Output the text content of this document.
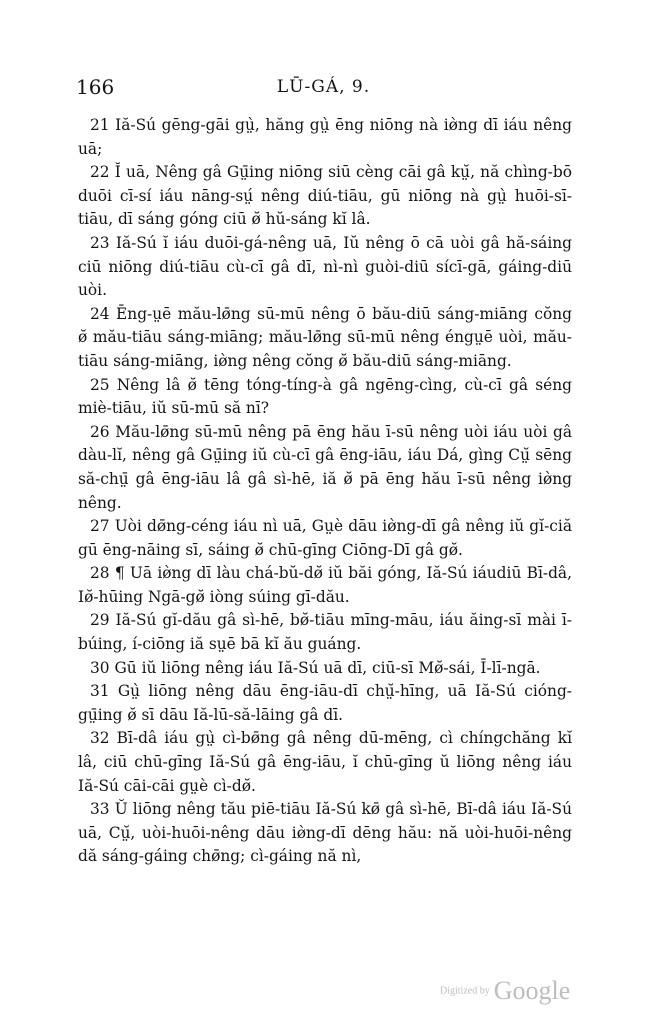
166	LŪ-GÁ, 9.

21 Iă-Sú gēng-gāi gṳ̀, hăng gṳ̀ ēng niōng nà iø̀ng dī iáu nêng uā;

22 Ĭ uā, Nêng gâ Gṳ̄ing niōng siū cèng cāi gâ kṳ̆, nă chìng-bō duōi cī-sí iáu nāng-sṳ́ nêng diú-tiāu, gū niōng nà gṳ̀ huōi-sī-tiāu, dī sáng góng ciū ø̆ hŭ-sáng kĭ lâ.

23 Iă-Sú ĭ iáu duōi-gá-nêng uā, Iŭ nêng ō cā uòi gâ hă-sáing ciū niōng diú-tiāu cù-cī gâ dī, nì-nì guòi-diū sícī-gā, gáing-diū uòi.

24 Ēng-ṳē mău-lø̄ng sū-mū nêng ō bău-diū sáng-miāng cŏng ø̆ mău-tiāu sáng-miāng; mău-lø̄ng sū-mū nêng éngṳē uòi, mău-tiāu sáng-miāng, iø̀ng nêng cŏng ø̆ bău-diū sáng-miāng.

25 Nêng lâ ø̆ tēng tóng-tíng-à gâ ngēng-cìng, cù-cī gâ séng miè-tiāu, iŭ sū-mū să nī?

26 Mău-lø̄ng sū-mū nêng pā ēng hău ī-sū nêng uòi iáu uòi gâ dàu-lĭ, nêng gâ Gṳ̄ing iŭ cù-cī gâ ēng-iāu, iáu Dá, gìng Cṳ̆ sēng să-chṳ̄ gâ ēng-iāu lâ gâ sì-hē, iă ø̆ pā ēng hău ī-sū nêng iø̀ng nêng.

27 Uòi dø̄ng-céng iáu nì uā, Gṳè dāu iø̀ng-dī gâ nêng iŭ gĭ-ciă gū ēng-nāing sī, sáing ø̆ chū-gīng Ciōng-Dī gâ gø̆.

28 ¶ Uā iø̀ng dī làu chá-bŭ-dø̆ iŭ băi góng, Iă-Sú iáudiū Bī-dâ, Iø̆-hūing Ngā-gø̆ iòng súing gī-dău.

29 Iă-Sú gĭ-dău gâ sì-hē, bø̆-tiāu mīng-māu, iáu ăing-sī mài ī-búing, í-ciōng iă sṳē bā kĭ ău guáng.

30 Gū iŭ liōng nêng iáu Iă-Sú uā dī, ciū-sī Mø̆-sái, Ī-lī-ngā.

31 Gṳ̀ liōng nêng dāu ēng-iāu-dī chṳ̆-hīng, uā Iă-Sú cióng-gṳ̄ing ø̆ sī dāu Iă-lū-să-lāing gâ dī.

32 Bī-dâ iáu gṳ̀ cì-bø̄ng gâ nêng dū-mēng, cì chíngchăng kĭ lâ, ciū chū-gīng Iă-Sú gâ ēng-iāu, ĭ chū-gīng ŭ liōng nêng iáu Iă-Sú cāi-cāi gṳè cì-dø̆.

33 Ŭ liōng nêng tău piē-tiāu Iă-Sú kø̄ gâ sì-hē, Bī-dâ iáu Iă-Sú uā, Cṳ̆, uòi-huōi-nêng dāu iø̀ng-dī dēng hău: nă uòi-huōi-nêng dă sáng-gáing chø̄ng; cì-gáing nă nì,

Digitized by Google
